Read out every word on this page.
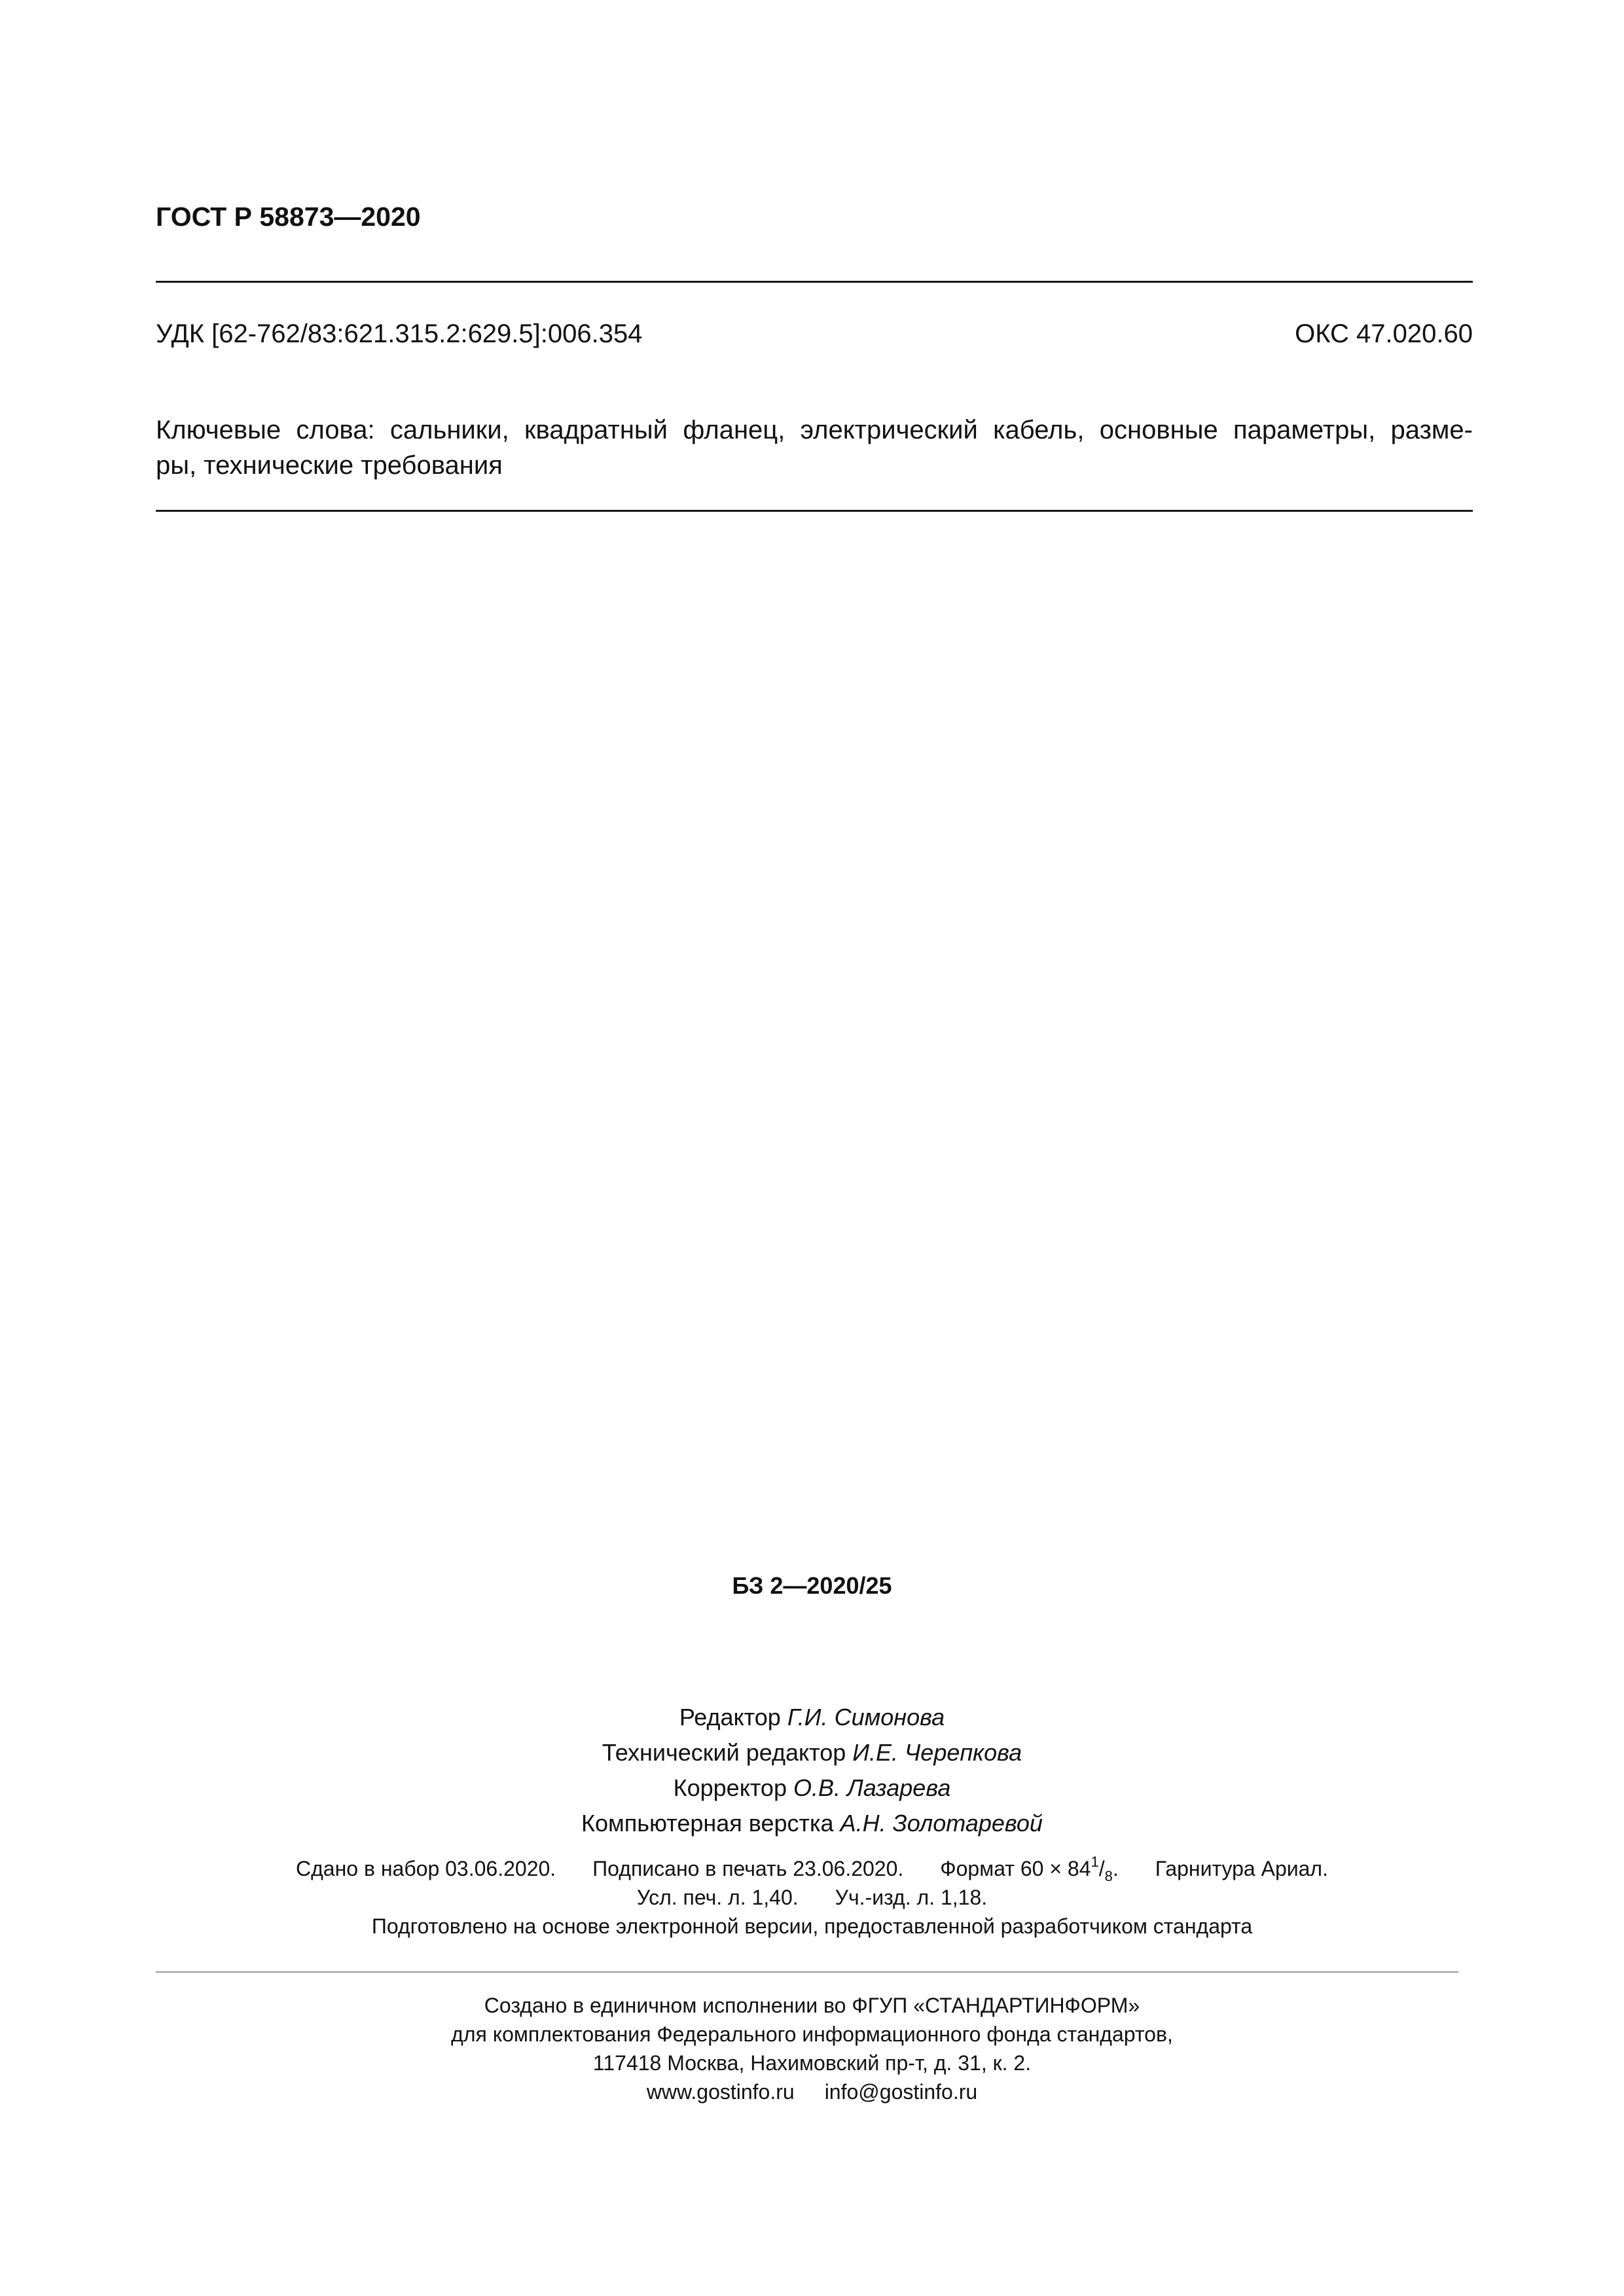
ГОСТ Р 58873—2020
УДК [62-762/83:621.315.2:629.5]:006.354	ОКС 47.020.60
Ключевые слова: сальники, квадратный фланец, электрический кабель, основные параметры, разме-
ры, технические требования
БЗ 2—2020/25
Редактор Г.И. Симонова
Технический редактор И.Е. Черепкова
Корректор О.В. Лазарева
Компьютерная верстка А.Н. Золотаревой
Сдано в набор 03.06.2020. Подписано в печать 23.06.2020. Формат $60 \times 84^1/_8$. Гарнитура Ариал.
Усл. печ. л. 1,40. Уч.-изд. л. 1,18.
Подготовлено на основе электронной версии, предоставленной разработчиком стандарта
Создано в единичном исполнении во ФГУП «СТАНДАРТИНФОРМ»
для комплектования Федерального информационного фонда стандартов,
117418 Москва, Нахимовский пр-т, д. 31, к. 2.
www.gostinfo.ru info@gostinfo.ru
